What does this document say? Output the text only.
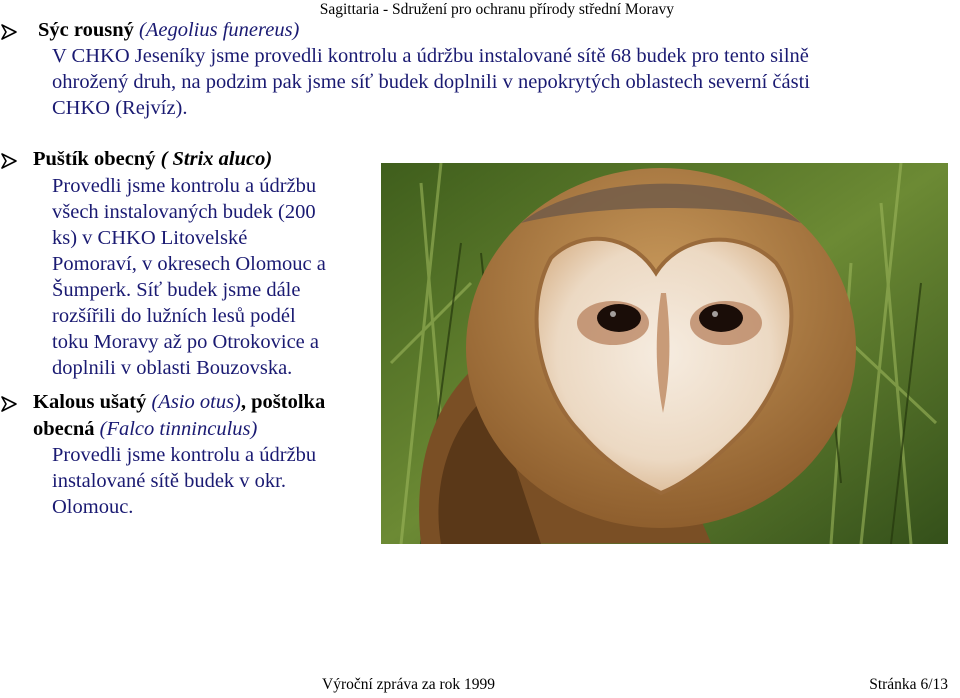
Sagittaria - Sdružení pro ochranu přírody střední Moravy
Sýc rousný (Aegolius funereus)
V CHKO Jeseníky jsme provedli kontrolu a údržbu instalované sítě 68 budek pro tento silně
ohrožený druh, na podzim pak jsme síť budek doplnili v nepokrytých oblastech severní části
CHKO (Rejvíz).
Puštík obecný ( Strix aluco)
Provedli jsme kontrolu a údržbu
všech instalovaných budek (200
ks) v CHKO Litovelské
Pomoraví, v okresech Olomouc a
Šumperk. Síť budek jsme dále
rozšířili do lužních lesů podél
toku Moravy až po Otrokovice a
doplnili v oblasti Bouzovska.
Kalous ušatý (Asio otus), poštolka
obecná (Falco tinninculus)
Provedli jsme kontrolu a údržbu
instalované sítě budek v okr.
Olomouc.
Výroční zpráva za rok 1999	Stránka 6/13
